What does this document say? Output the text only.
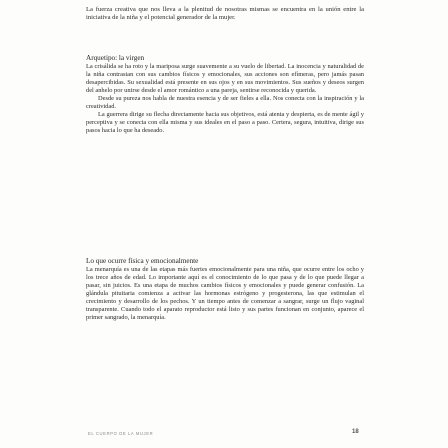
La fuerza creativa que nos lleva a la plenitud de nosotras mismas se encuentra en la unión entre la iniciativa de la niña y el potencial generador de la mujer.

Arquetipo: la virgen

La crisálida se ha roto y la mariposa surge suavemente a su vuelo de libertad. La inocencia y naturalidad de la niña contrastan con sus cambios físicos y emocionales, sus acciones son efímeras, pero jamás pasan desapercibidas. Su sexualidad está presente en sus ojos y en sus movimientos. Sus sueños y deseos surgen del anhelo por unirse desde el amor romántico a una pareja, sentirse reconocida y querida.

Desde su pureza nos habla de nuestra esencia y de ser fieles a ella. Nos conecta con la inspiración y la creatividad.

La guerrera dirige su flecha directamente hacia sus objetivos, está atenta y despierta, es de mente ágil y perceptiva y se conecta con ella misma y sus ideales en el paso a paso. Certera, segura, intuitiva, dirige sus pasos hacia lo que ha deseado.

Lo que ocurre física y emocionalmente

La menarquía es una de las etapas más fuertes emocionalmente para una niña, que ocurre entre los ocho y los trece años de edad. Lo importante aquí es el conocimiento de lo que pasa y de lo que puede llegar a pasar, sin juicios. Es una etapa de muchos cambios físicos y emocionales y puede generar confusión. La glándula pituitaria comienza a activar las hormonas estrógeno y progesterona, las que estimulan el crecimiento y desarrollo de los pechos. Y un tiempo antes de comenzar a sangrar, surge un flujo vaginal transparente. Cuando todo el aparato reproductor está listo y sus partes funcionan en conjunto, aparece el primer sangrado, la menarquía.

EL CUERPO DE LA MUJER	18
